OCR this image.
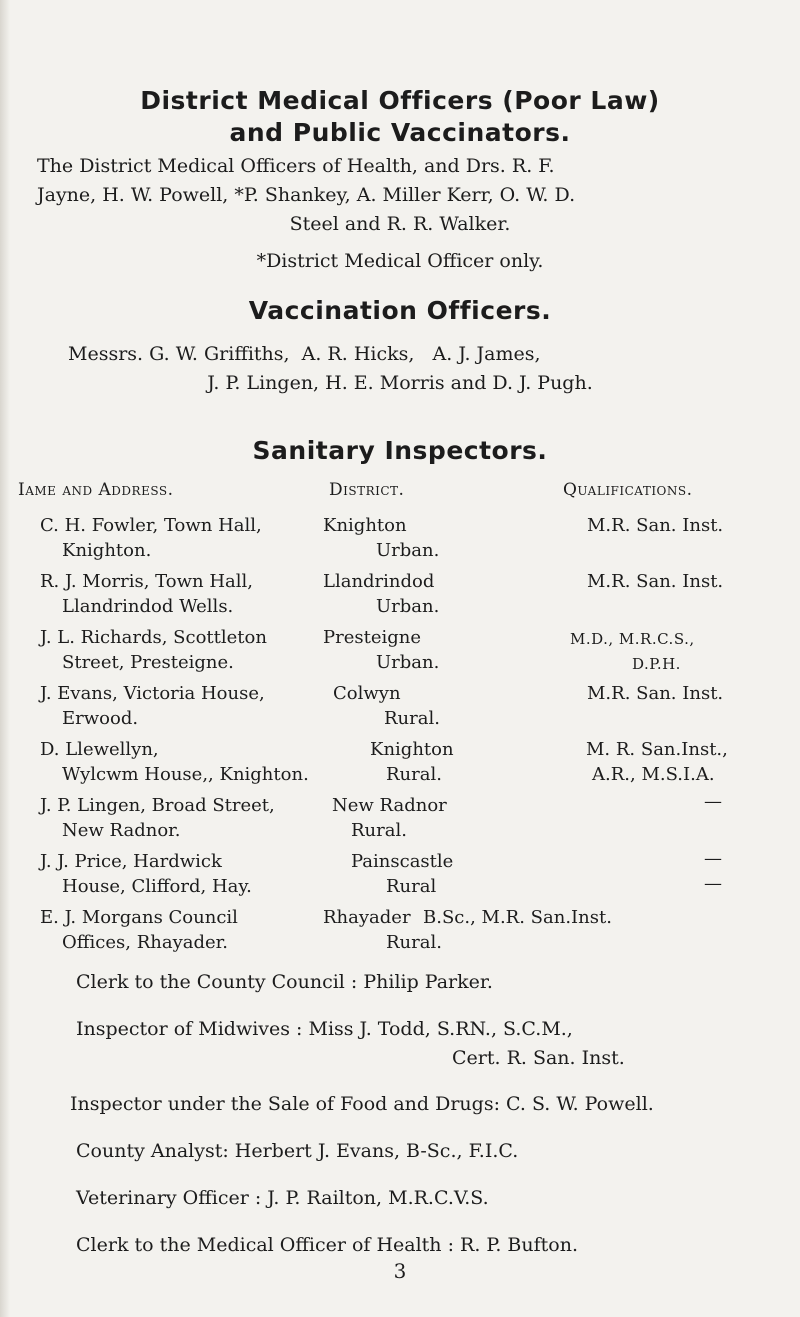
District Medical Officers (Poor Law)
and Public Vaccinators.

The District Medical Officers of Health, and Drs. R. F.

Jayne, H. W. Powell, *P. Shankey, A. Miller Kerr, O. W. D.

Steel and R. R. Walker.

*District Medical Officer only.

Vaccination Officers.

Messrs. G. W. Griffiths,  A. R. Hicks,   A. J. James,

J. P. Lingen, H. E. Morris and D. J. Pugh.

Sanitary Inspectors.
Iame and Address.	District.	Qualifications.
C. H. Fowler, Town Hall,
Knighton.
Knighton
Urban.
M.R. San. Inst.
R. J. Morris, Town Hall,
Llandrindod Wells.
Llandrindod
Urban.
M.R. San. Inst.
J. L. Richards, Scottleton
Street, Presteigne.
Presteigne
Urban.
M.D., M.R.C.S.,
D.P.H.
J. Evans, Victoria House,
Erwood.
Colwyn
Rural.
M.R. San. Inst.
D. Llewellyn,
Wylcwm House,, Knighton.
Knighton
Rural.
M. R. San.Inst.,
A.R., M.S.I.A.
J. P. Lingen, Broad Street,
New Radnor.
New Radnor
Rural.
—
J. J. Price, Hardwick
House, Clifford, Hay.
Painscastle
Rural
—
—
E. J. Morgans Council
Offices, Rhayader.
Rhayader
Rural.
B.Sc., M.R. San.Inst.
Clerk to the County Council : Philip Parker.
Inspector of Midwives : Miss J. Todd, S.RN., S.C.M.,
Cert. R. San. Inst.
Inspector under the Sale of Food and Drugs: C. S. W. Powell.
County Analyst: Herbert J. Evans, B-Sc., F.I.C.
Veterinary Officer : J. P. Railton, M.R.C.V.S.
Clerk to the Medical Officer of Health : R. P. Bufton.
3
